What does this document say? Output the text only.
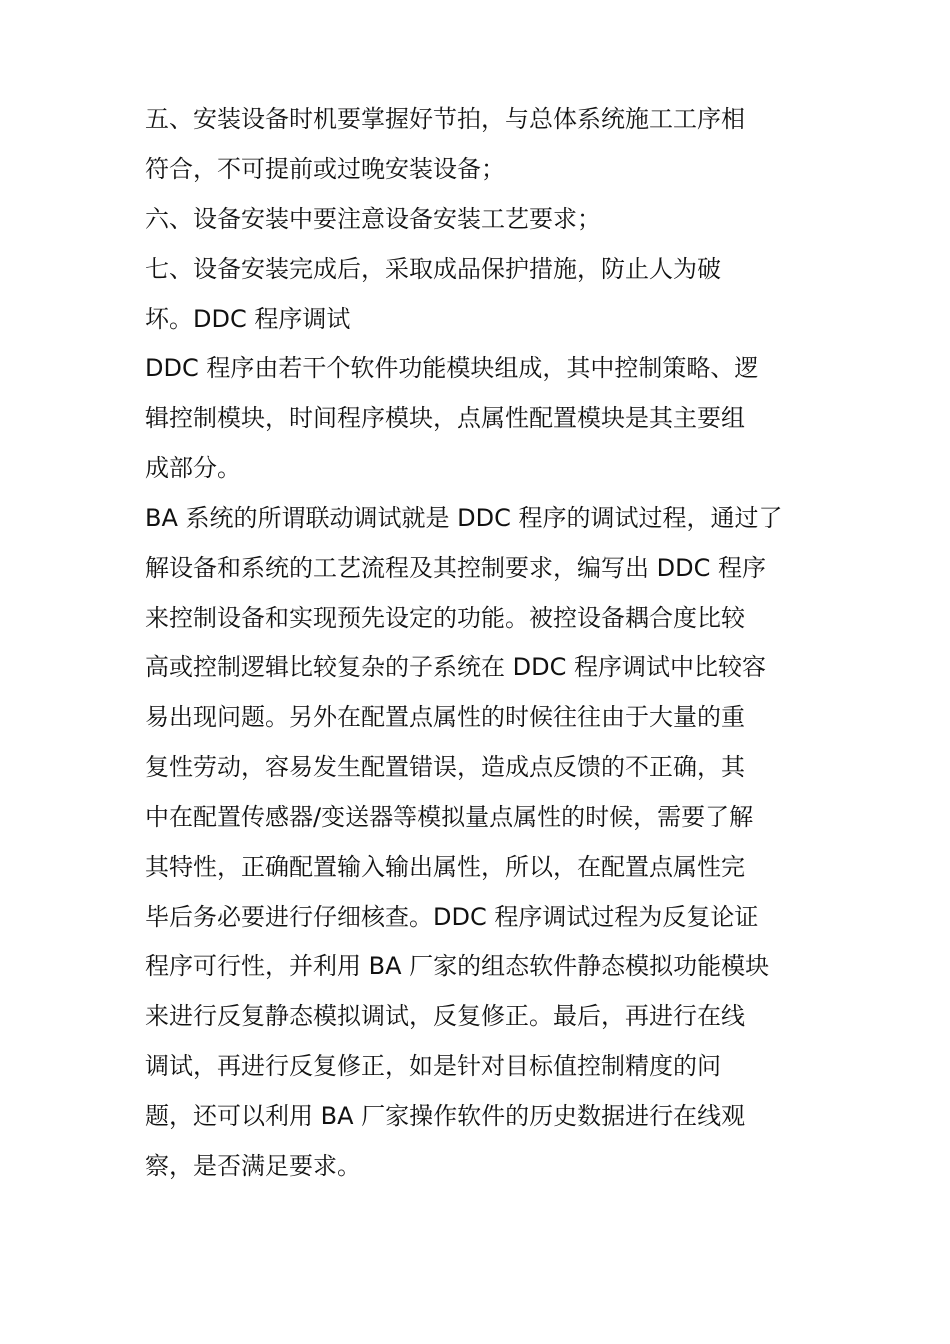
五、安装设备时机要掌握好节拍，与总体系统施工工序相
符合，不可提前或过晚安装设备；
六、设备安装中要注意设备安装工艺要求；
七、设备安装完成后，采取成品保护措施，防止人为破
坏。DDC 程序调试
DDC 程序由若干个软件功能模块组成，其中控制策略、逻
辑控制模块，时间程序模块，点属性配置模块是其主要组
成部分。
BA 系统的所谓联动调试就是 DDC 程序的调试过程，通过了
解设备和系统的工艺流程及其控制要求，编写出 DDC 程序
来控制设备和实现预先设定的功能。被控设备耦合度比较
高或控制逻辑比较复杂的子系统在 DDC 程序调试中比较容
易出现问题。另外在配置点属性的时候往往由于大量的重
复性劳动，容易发生配置错误，造成点反馈的不正确，其
中在配置传感器/变送器等模拟量点属性的时候，需要了解
其特性，正确配置输入输出属性，所以，在配置点属性完
毕后务必要进行仔细核查。DDC 程序调试过程为反复论证
程序可行性，并利用 BA 厂家的组态软件静态模拟功能模块
来进行反复静态模拟调试，反复修正。最后，再进行在线
调试，再进行反复修正，如是针对目标值控制精度的问
题，还可以利用 BA 厂家操作软件的历史数据进行在线观
察，是否满足要求。
